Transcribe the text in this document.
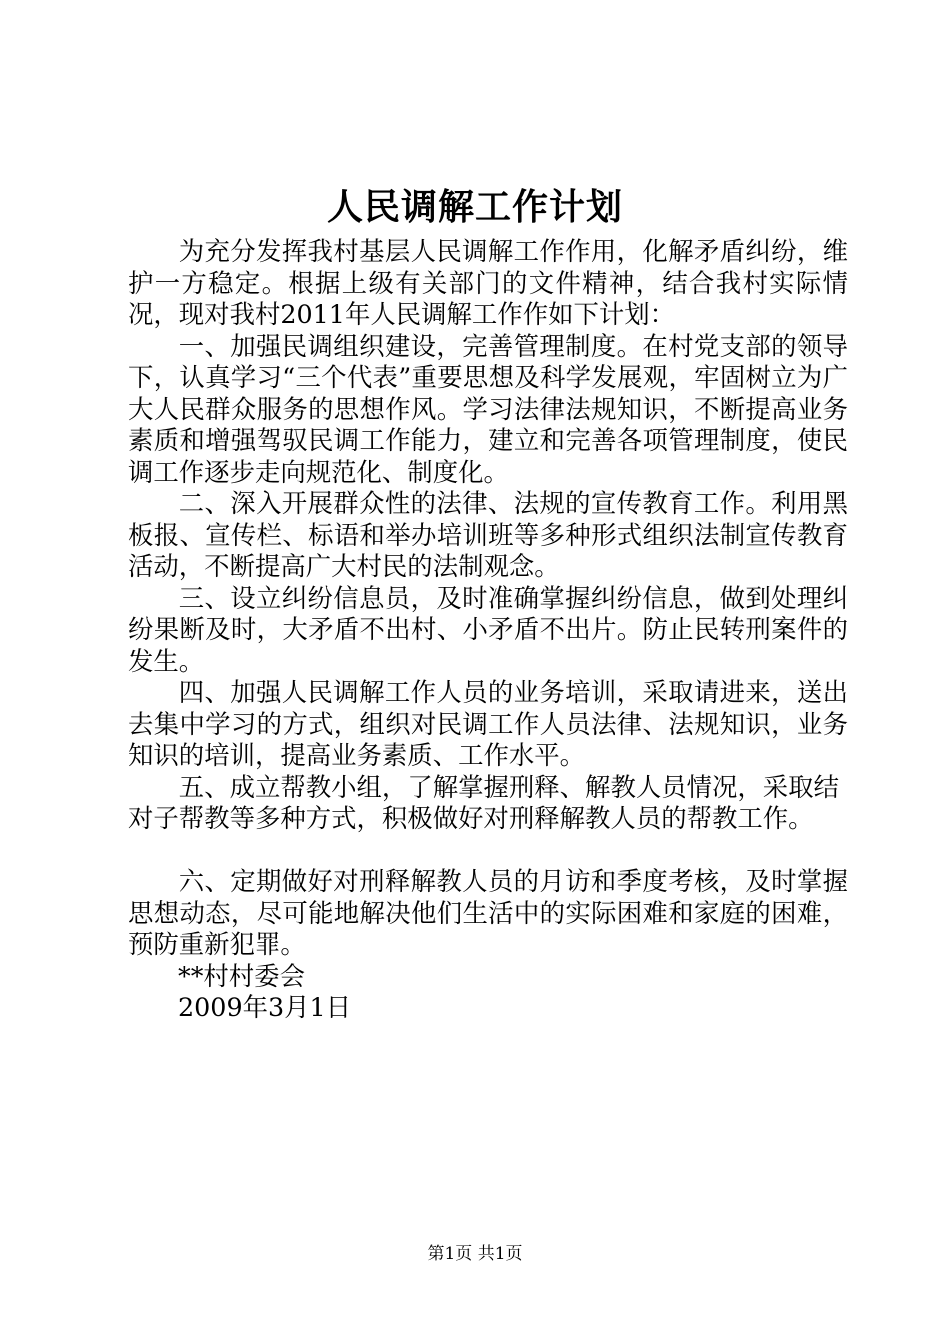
人民调解工作计划

为充分发挥我村基层人民调解工作作用，化解矛盾纠纷，维护一方稳定。根据上级有关部门的文件精神，结合我村实际情况，现对我村2011年人民调解工作作如下计划：

一、加强民调组织建设，完善管理制度。在村党支部的领导下，认真学习“三个代表”重要思想及科学发展观，牢固树立为广大人民群众服务的思想作风。学习法律法规知识，不断提高业务素质和增强驾驭民调工作能力，建立和完善各项管理制度，使民调工作逐步走向规范化、制度化。

二、深入开展群众性的法律、法规的宣传教育工作。利用黑板报、宣传栏、标语和举办培训班等多种形式组织法制宣传教育活动，不断提高广大村民的法制观念。

三、设立纠纷信息员，及时准确掌握纠纷信息，做到处理纠纷果断及时，大矛盾不出村、小矛盾不出片。防止民转刑案件的发生。

四、加强人民调解工作人员的业务培训，采取请进来，送出去集中学习的方式，组织对民调工作人员法律、法规知识，业务知识的培训，提高业务素质、工作水平。

五、成立帮教小组，了解掌握刑释、解教人员情况，采取结对子帮教等多种方式，积极做好对刑释解教人员的帮教工作。

六、定期做好对刑释解教人员的月访和季度考核，及时掌握思想动态，尽可能地解决他们生活中的实际困难和家庭的困难，预防重新犯罪。

**村村委会

2009年3月1日

第1页 共1页
